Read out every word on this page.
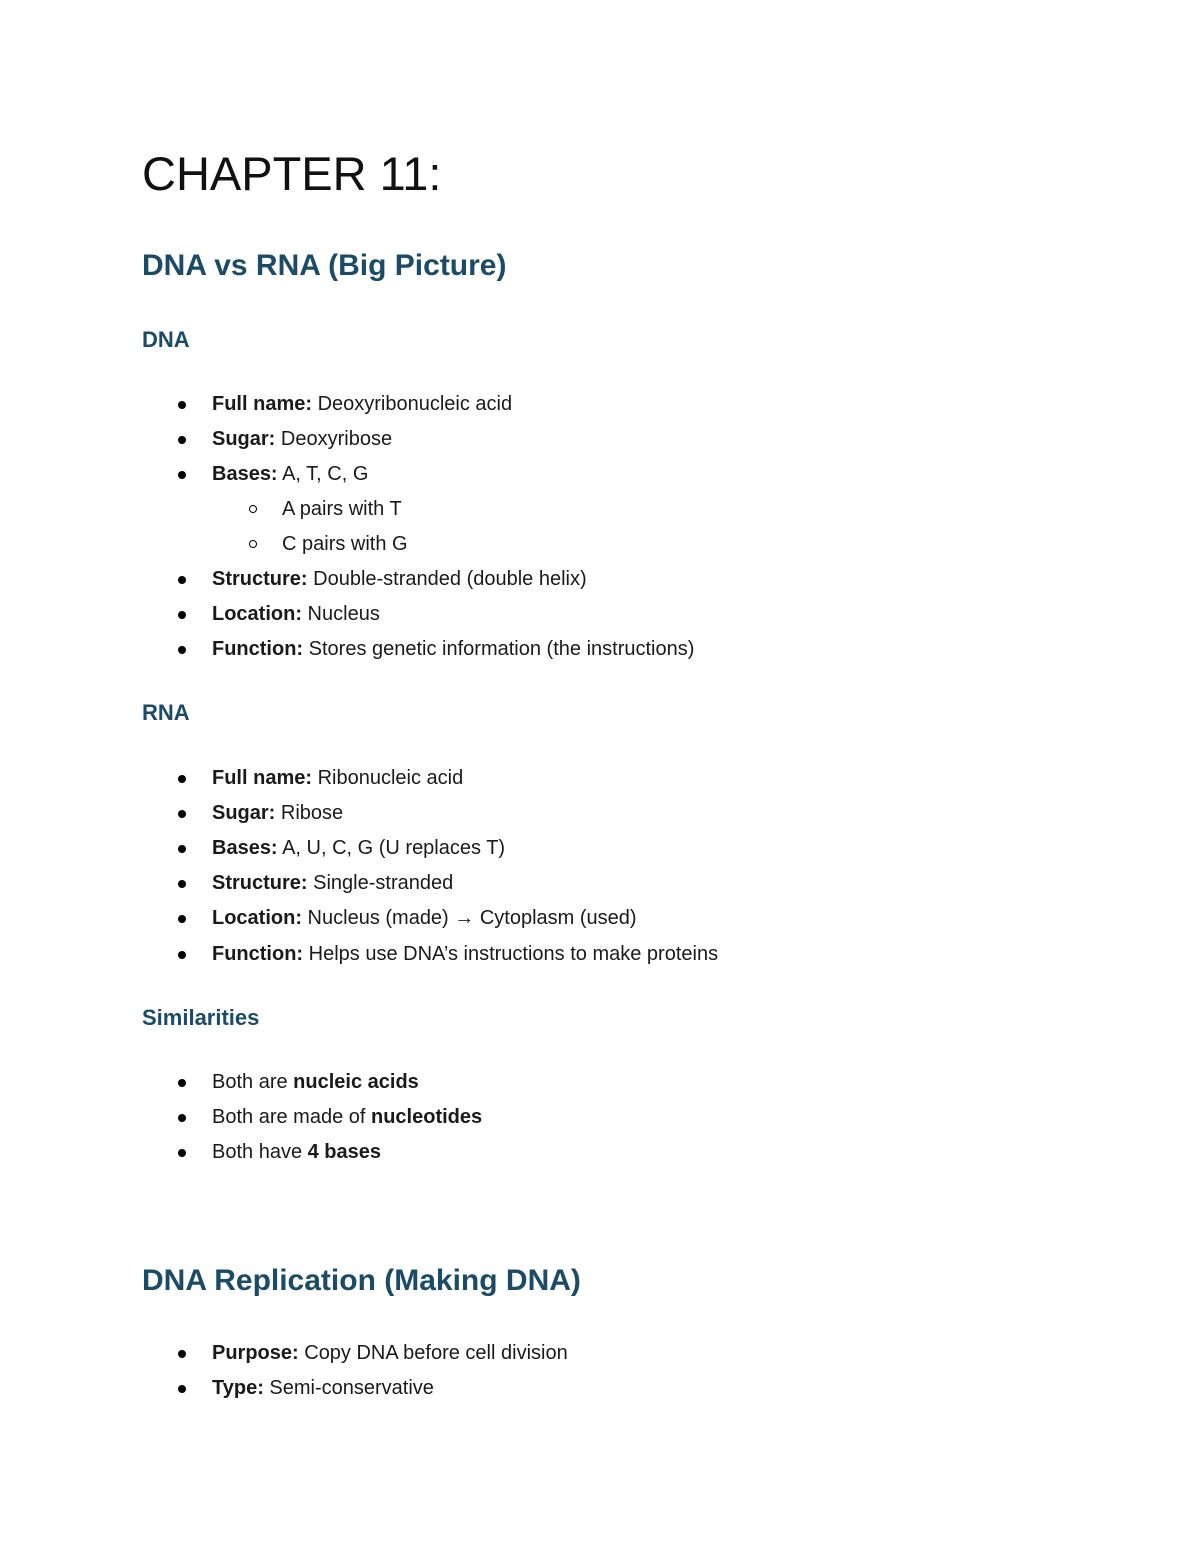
CHAPTER 11:
DNA vs RNA (Big Picture)
DNA
Full name: Deoxyribonucleic acid
Sugar: Deoxyribose
Bases: A, T, C, G
A pairs with T
C pairs with G
Structure: Double-stranded (double helix)
Location: Nucleus
Function: Stores genetic information (the instructions)
RNA
Full name: Ribonucleic acid
Sugar: Ribose
Bases: A, U, C, G (U replaces T)
Structure: Single-stranded
Location: Nucleus (made) → Cytoplasm (used)
Function: Helps use DNA’s instructions to make proteins
Similarities
Both are nucleic acids
Both are made of nucleotides
Both have 4 bases
DNA Replication (Making DNA)
Purpose: Copy DNA before cell division
Type: Semi-conservative
